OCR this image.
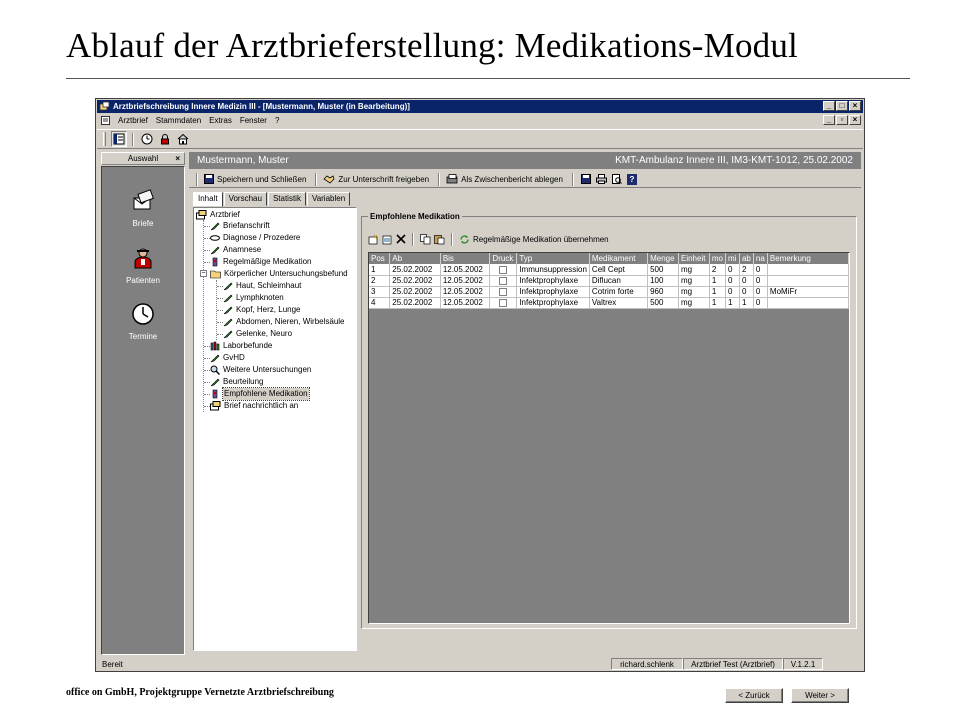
Ablauf der Arztbrieferstellung: Medikations-Modul
Arztbriefschreibung Innere Medizin III - [Mustermann, Muster (in Bearbeitung)]	_	□	×
Arztbrief Stammdaten Extras Fenster ?	_	▫	×
Auswahl ×
Briefe
Patienten
Termine
Mustermann, Muster	KMT-Ambulanz Innere III, IM3-KMT-1012, 25.02.2002
Speichern und Schließen	Zur Unterschrift freigeben	Als Zwischenbericht ablegen	?
Inhalt	Vorschau	Statistik	Variablen
Arztbrief
Briefanschrift
Diagnose / Prozedere
Anamnese
Regelmäßige Medikation
− Körperlicher Untersuchungsbefund
Haut, Schleimhaut
Lymphknoten
Kopf, Herz, Lunge
Abdomen, Nieren, Wirbelsäule
Gelenke, Neuro
Laborbefunde
GvHD
Weitere Untersuchungen
Beurteilung
Empfohlene Medikation
Brief nachrichtlich an
Empfohlene Medikation
Regelmäßige Medikation übernehmen
Pos	Ab	Bis	Druck	Typ	Medikament	Menge	Einheit	mo	mi	ab	na	Bemerkung
1	25.02.2002	12.05.2002		Immunsuppression	Cell Cept	500	mg	2	0	2	0	
2	25.02.2002	12.05.2002		Infektprophylaxe	Diflucan	100	mg	1	0	0	0	
3	25.02.2002	12.05.2002		Infektprophylaxe	Cotrim forte	960	mg	1	0	0	0	MoMiFr
4	25.02.2002	12.05.2002		Infektprophylaxe	Valtrex	500	mg	1	1	1	0	
< Zurück	Weiter >
Bereit	richard.schlenk	Arztbrief Test (Arztbrief)	V.1.2.1
office on GmbH, Projektgruppe Vernetzte Arztbriefschreibung
